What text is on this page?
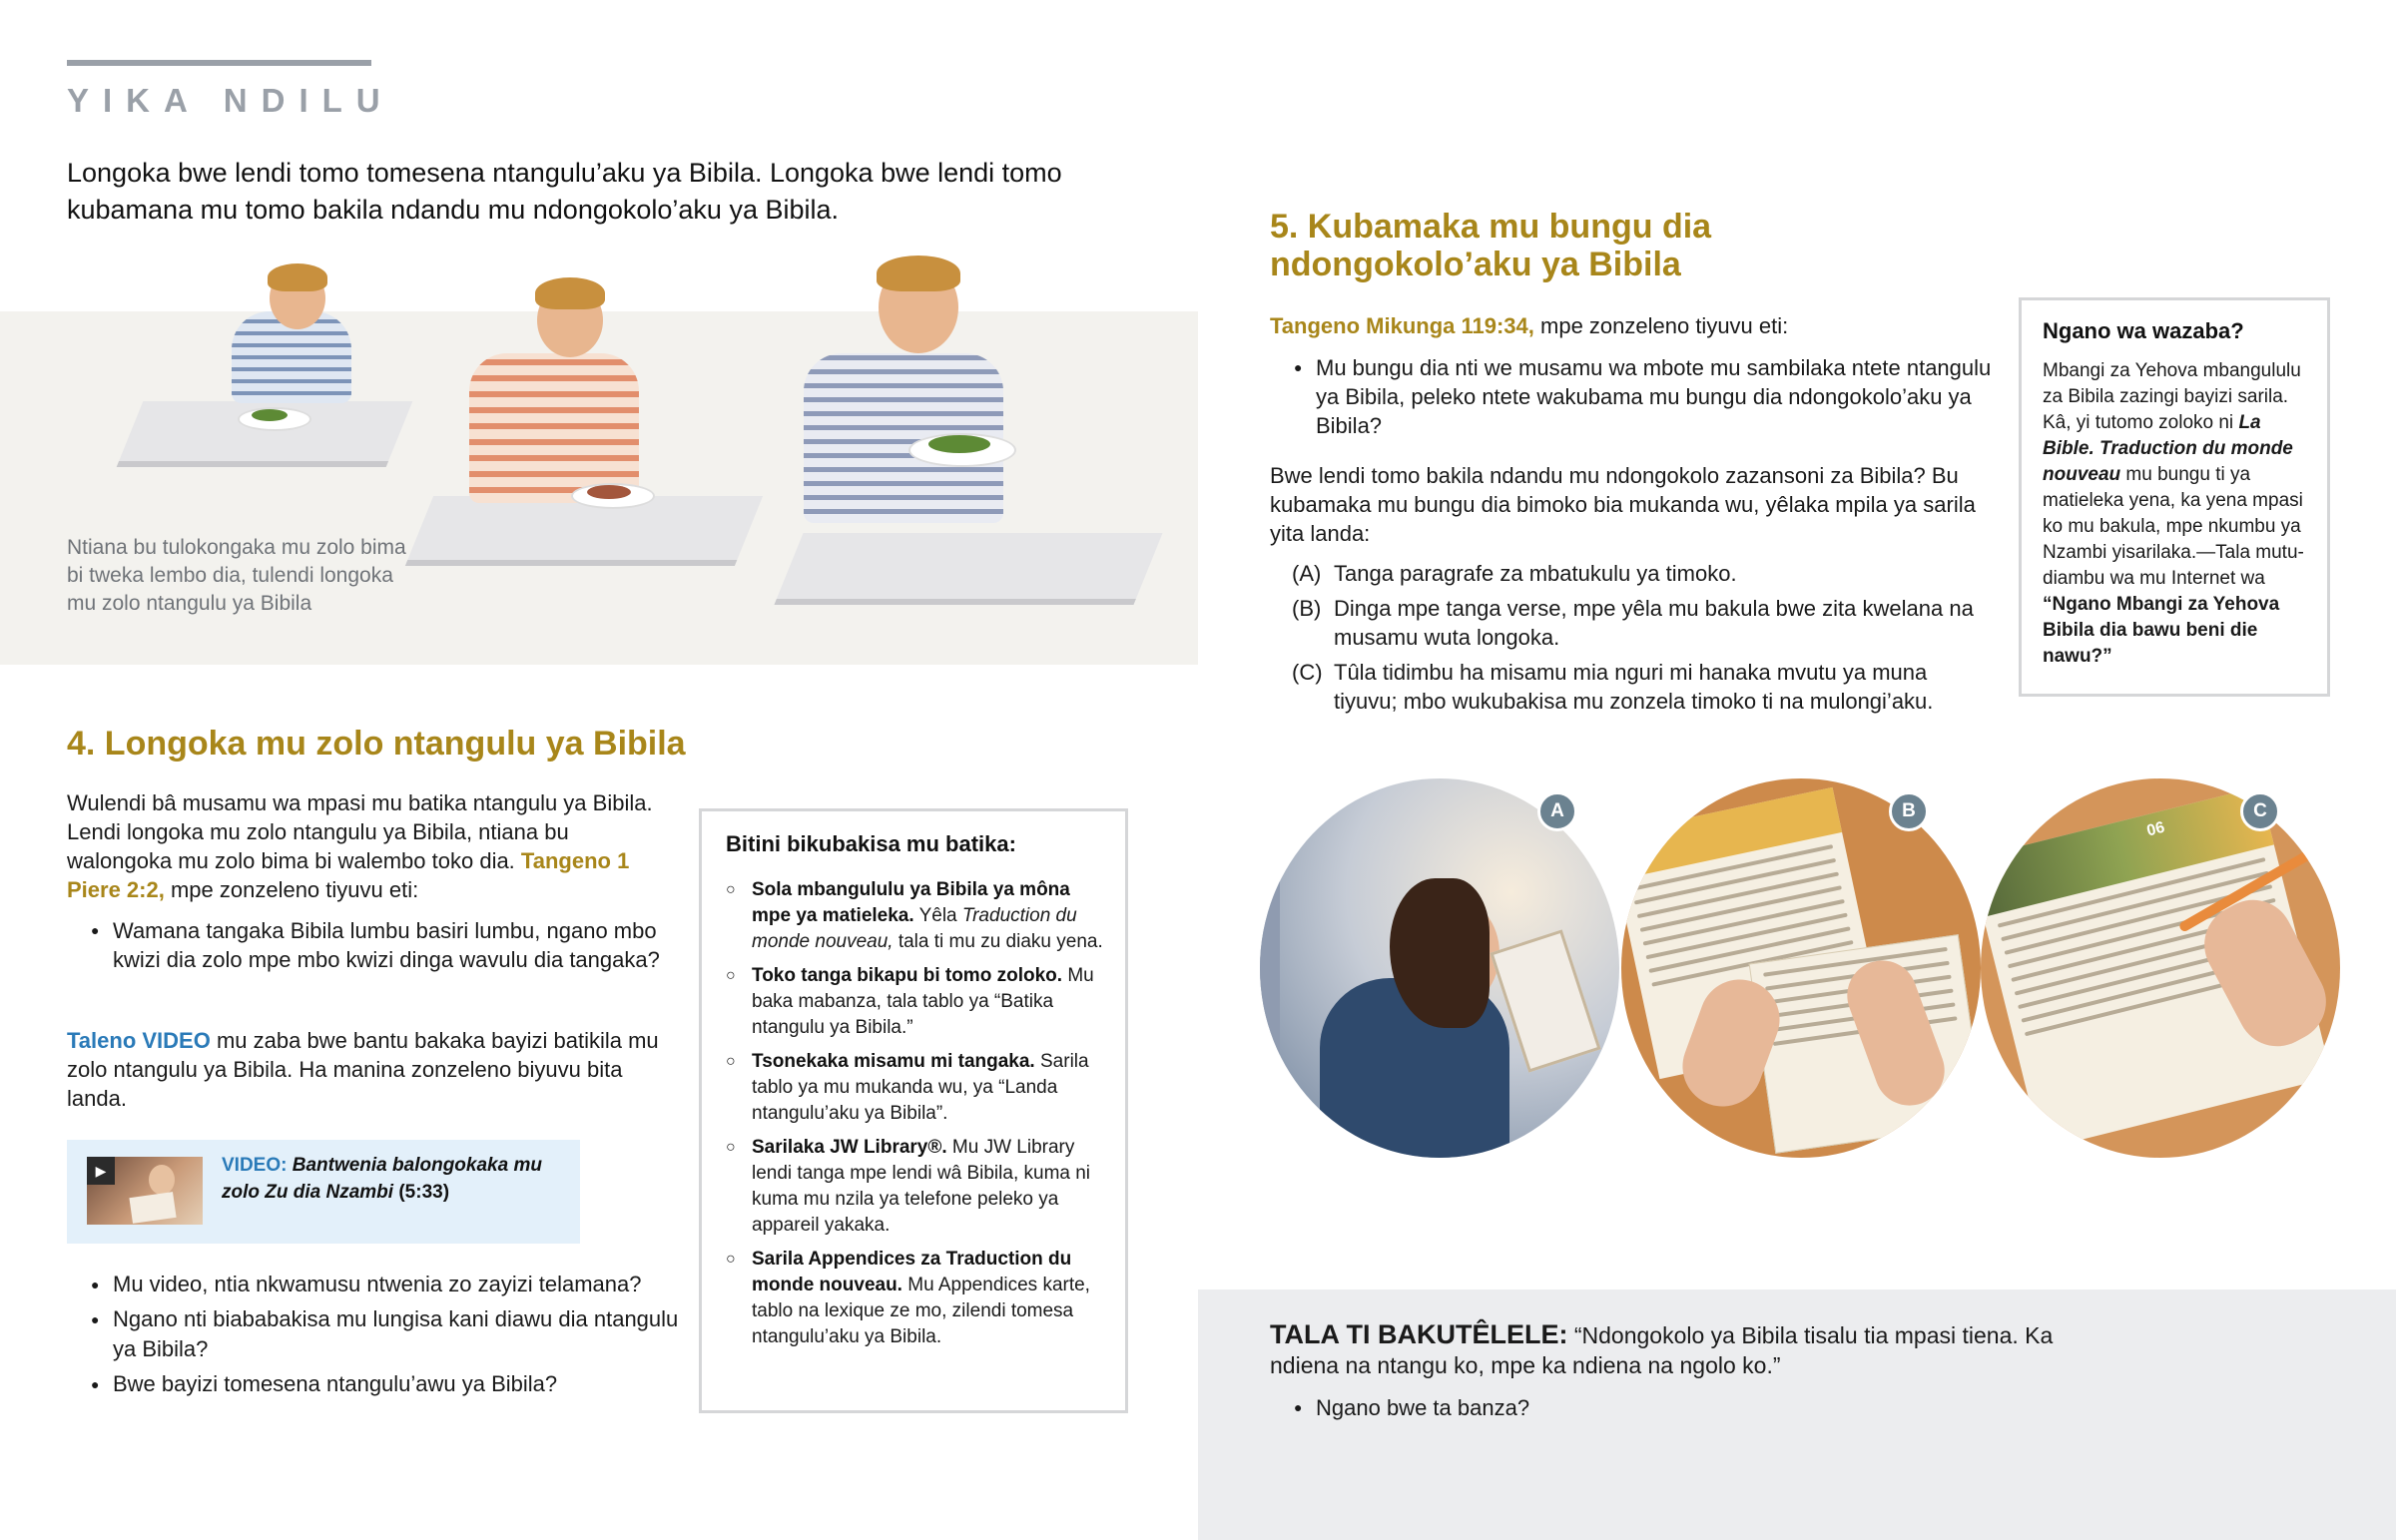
YIKA NDILU
Longoka bwe lendi tomo tomesena ntangulu’aku ya Bibila. Longoka bwe lendi tomo kubamana mu tomo bakila ndandu mu ndongokolo’aku ya Bibila.
Ntiana bu tulokongaka mu zolo bima bi tweka lembo dia, tulendi longoka mu zolo ntangulu ya Bibila
4. Longoka mu zolo ntangulu ya Bibila
Wulendi bâ musamu wa mpasi mu batika ntangulu ya Bibila. Lendi longoka mu zolo ntangulu ya Bibila, ntiana bu walongoka mu zolo bima bi walembo toko dia. Tangeno 1 Piere 2:2, mpe zonzeleno tiyuvu eti:

● Wamana tangaka Bibila lumbu basiri lumbu, ngano mbo kwizi dia zolo mpe mbo kwizi dinga wavulu dia tangaka?

Taleno VIDEO mu zaba bwe bantu bakaka bayizi batikila mu zolo ntangulu ya Bibila. Ha manina zonzeleno biyuvu bita landa.
▶	VIDEO: Bantwenia balongokaka mu zolo Zu dia Nzambi (5:33)

● Mu video, ntia nkwamusu ntwenia zo zayizi telamana?

● Ngano nti biababakisa mu lungisa kani diawu dia ntangulu ya Bibila?

● Bwe bayizi tomesena ntangulu’awu ya Bibila?

Bitini bikubakisa mu batika:
○ Sola mbangululu ya Bibila ya môna mpe ya matieleka. Yêla Traduction du monde nouveau, tala ti mu zu diaku yena.
○ Toko tanga bikapu bi tomo zoloko. Mu baka mabanza, tala tablo ya “Batika ntangulu ya Bibila.”
○ Tsonekaka misamu mi tangaka. Sarila tablo ya mu mukanda wu, ya “Landa ntangulu’aku ya Bibila”.
○ Sarilaka JW Library®. Mu JW Library lendi tanga mpe lendi wâ Bibila, kuma ni kuma mu nzila ya telefone peleko ya appareil yakaka.
○ Sarila Appendices za Traduction du monde nouveau. Mu Appendices karte, tablo na lexique ze mo, zilendi tomesa ntangulu’aku ya Bibila.
5. Kubamaka mu bungu dia ndongokolo’aku ya Bibila
Tangeno Mikunga 119:34, mpe zonzeleno tiyuvu eti:

● Mu bungu dia nti we musamu wa mbote mu sambilaka ntete ntangulu ya Bibila, peleko ntete wakubama mu bungu dia ndongokolo’aku ya Bibila?

Bwe lendi tomo bakila ndandu mu ndongokolo zazansoni za Bibila? Bu kubamaka mu bungu dia bimoko bia mukanda wu, yêlaka mpila ya sarila yita landa:
(A) Tanga paragrafe za mbatukulu ya timoko.
(B) Dinga mpe tanga verse, mpe yêla mu bakula bwe zita kwelana na musamu wuta longoka.
(C) Tûla tidimbu ha misamu mia nguri mi hanaka mvutu ya muna tiyuvu; mbo wukubakisa mu zonzela timoko ti na mulongi’aku.
Ngano wa wazaba?
Mbangi za Yehova mbangululu za Bibila zazingi bayizi sarila. Kâ, yi tutomo zoloko ni La Bible. Traduction du monde nouveau mu bungu ti ya matieleka yena, ka yena mpasi ko mu bakula, mpe nkumbu ya Nzambi yisarilaka.—Tala mutu-diambu wa mu Internet wa “Ngano Mbangi za Yehova Bibila dia bawu beni die nawu?”
A	B
06
C
TALA TI BAKUTÊLELE: “Ndongokolo ya Bibila tisalu tia mpasi tiena. Ka ndiena na ntangu ko, mpe ka ndiena na ngolo ko.”

● Ngano bwe ta banza?
